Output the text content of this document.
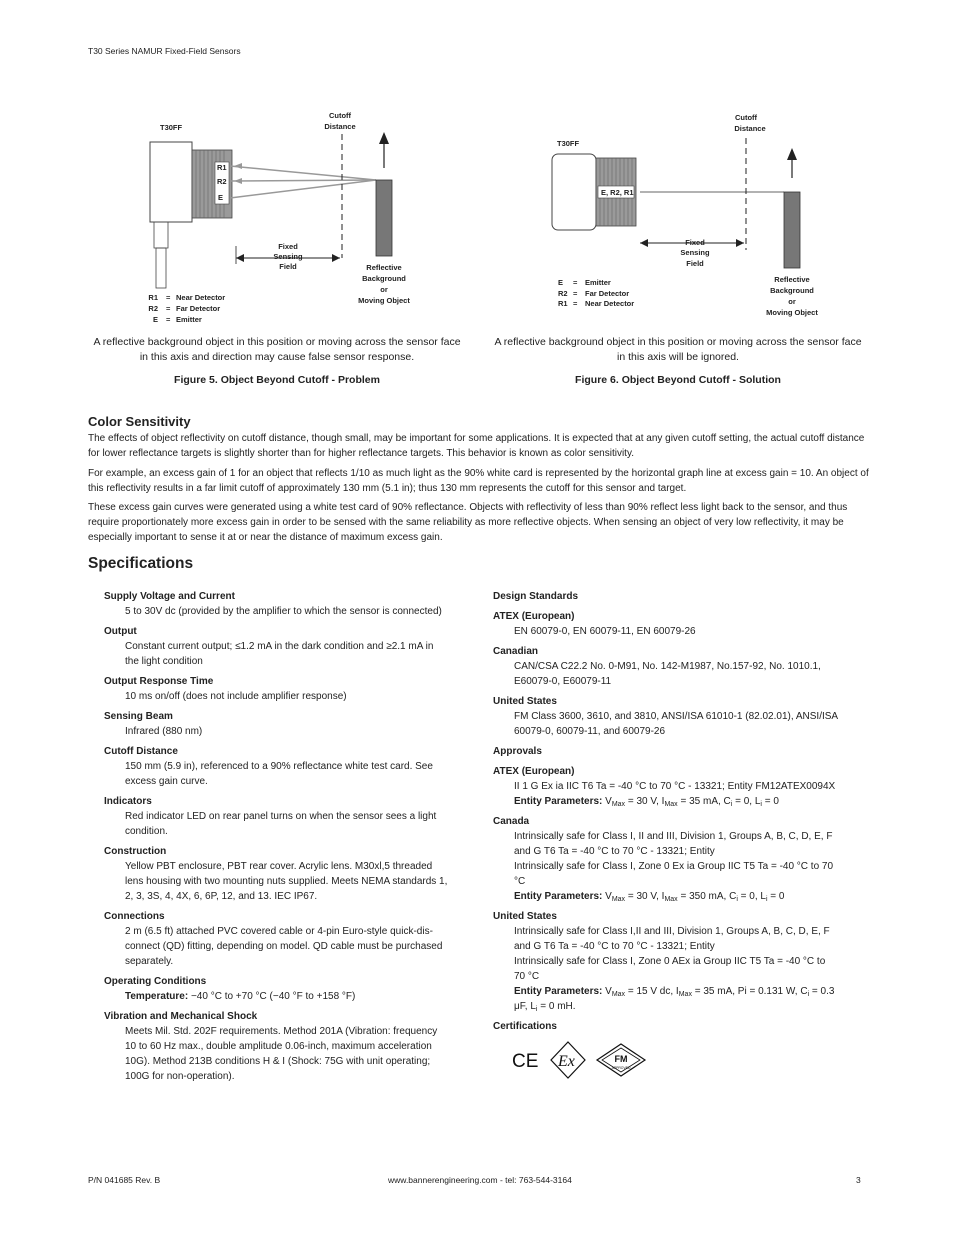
T30 Series NAMUR Fixed-Field Sensors
T30FF
Cutoff
Distance
R1
R2
E
Fixed
Sensing
Field	Reflective
Background
or
Moving Object
R1 = Near Detector
R2 = Far Detector
E = Emitter
A reflective background object in this position or moving across the sensor face in this axis and direction may cause false sensor response.
Figure 5. Object Beyond Cutoff - Problem
T30FF
Cutoff
Distance
E, R2, R1
Fixed
Sensing
Field
Reflective
Background
or
Moving Object
E = Emitter
R2 = Far Detector
R1 = Near Detector
A reflective background object in this position or moving across the sensor face in this axis will be ignored.
Figure 6. Object Beyond Cutoff - Solution
Color Sensitivity
The effects of object reflectivity on cutoff distance, though small, may be important for some applications. It is expected that at any given cutoff setting, the actual cutoff distance for lower reflectance targets is slightly shorter than for higher reflectance targets. This behavior is known as color sensitivity.
For example, an excess gain of 1 for an object that reflects 1/10 as much light as the 90% white card is represented by the horizontal graph line at excess gain = 10. An object of this reflectivity results in a far limit cutoff of approximately 130 mm (5.1 in); thus 130 mm represents the cutoff for this sensor and target.
These excess gain curves were generated using a white test card of 90% reflectance. Objects with reflectivity of less than 90% reflect less light back to the sensor, and thus require proportionately more excess gain in order to be sensed with the same reliability as more reflective objects. When sensing an object of very low reflectivity, it may be especially important to sense it at or near the distance of maximum excess gain.
Specifications
Supply Voltage and Current
5 to 30V dc (provided by the amplifier to which the sensor is connected)
Output
Constant current output; ≤1.2 mA in the dark condition and ≥2.1 mA in the light condition
Output Response Time
10 ms on/off (does not include amplifier response)
Sensing Beam
Infrared (880 nm)
Cutoff Distance
150 mm (5.9 in), referenced to a 90% reflectance white test card. See excess gain curve.
Indicators
Red indicator LED on rear panel turns on when the sensor sees a light condition.
Construction
Yellow PBT enclosure, PBT rear cover. Acrylic lens. M30xl,5 threaded lens housing with two mounting nuts supplied. Meets NEMA standards 1, 2, 3, 3S, 4, 4X, 6, 6P, 12, and 13. IEC IP67.
Connections
2 m (6.5 ft) attached PVC covered cable or 4-pin Euro-style quick-dis-connect (QD) fitting, depending on model. QD cable must be purchased separately.
Operating Conditions
Temperature: −40 °C to +70 °C (−40 °F to +158 °F)
Vibration and Mechanical Shock
Meets Mil. Std. 202F requirements. Method 201A (Vibration: frequency 10 to 60 Hz max., double amplitude 0.06-inch, maximum acceleration 10G). Method 213B conditions H & I (Shock: 75G with unit operating; 100G for non-operation).
Design Standards
ATEX (European)
EN 60079-0, EN 60079-11, EN 60079-26
Canadian
CAN/CSA C22.2 No. 0-M91, No. 142-M1987, No.157-92, No. 1010.1, E60079-0, E60079-11
United States
FM Class 3600, 3610, and 3810, ANSI/ISA 61010-1 (82.02.01), ANSI/ISA 60079-0, 60079-11, and 60079-26
Approvals
ATEX (European)
II 1 G Ex ia IIC T6 Ta = -40 °C to 70 °C - 13321; Entity FM12ATEX0094X
Entity Parameters: $V_{Max} = 30$ V, $I_{Max} = 35$ mA, $C_i = 0$, $L_i = 0$
Canada
Intrinsically safe for Class I, II and III, Division 1, Groups A, B, C, D, E, F and G T6 Ta = -40 °C to 70 °C - 13321; Entity
Intrinsically safe for Class I, Zone 0 Ex ia Group IIC T5 Ta = -40 °C to 70 °C
Entity Parameters: $V_{Max} = 30$ V, $I_{Max} = 350$ mA, $C_i = 0$, $L_i = 0$
United States
Intrinsically safe for Class I,II and III, Division 1, Groups A, B, C, D, E, F and G T6 Ta = -40 °C to 70 °C - 13321; Entity
Intrinsically safe for Class I, Zone 0 AEx ia Group IIC T5 Ta = -40 °C to 70 °C
Entity Parameters: $V_{Max} = 15$ V dc, $I_{Max} = 35$ mA, Pi = 0.131 W, $C_i = 0.3$ μF, $L_i = 0$ mH.
Certifications
CE Ex	FM
APPROVED
P/N 041685 Rev. B	www.bannerengineering.com - tel: 763-544-3164	3
